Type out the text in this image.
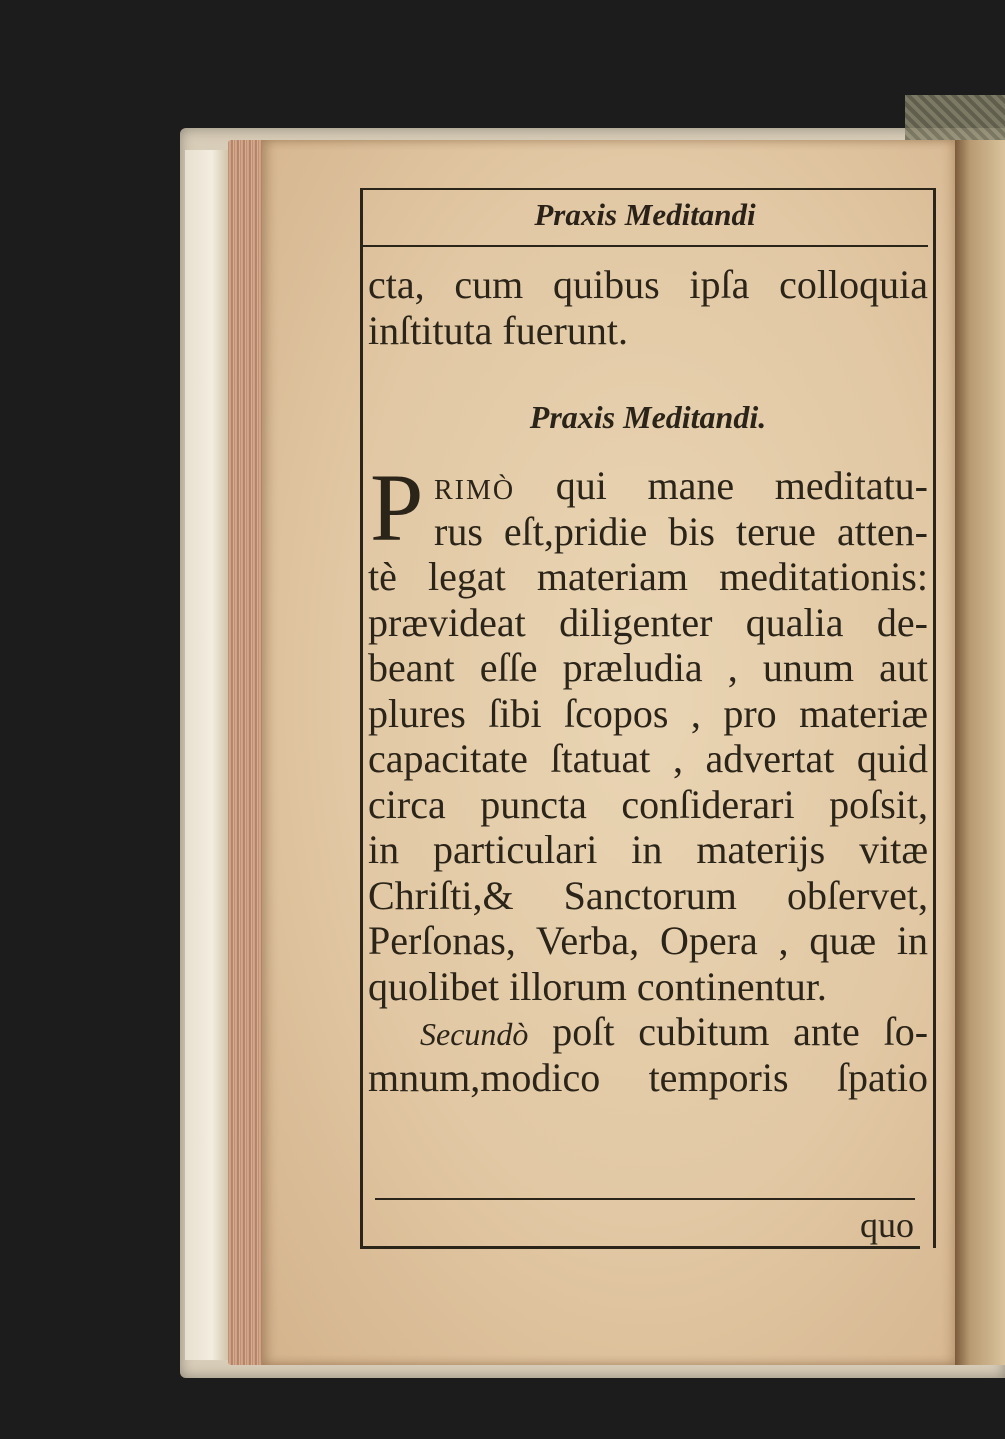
Praxis Meditandi
cta, cum quibus ipſa colloquia
inſtituta fuerunt.
Praxis Meditandi.
P rimò qui mane meditatu-
rus eſt,pridie bis terue atten-
tè legat materiam meditationis:
prævideat diligenter qualia de-
beant eſſe præludia , unum aut
plures ſibi ſcopos , pro materiæ
capacitate ſtatuat , advertat quid
circa puncta conſiderari poſsit,
in particulari in materijs vitæ
Chriſti,& Sanctorum obſervet,
Perſonas, Verba, Opera , quæ in
quolibet illorum continentur.
Secundò poſt cubitum ante ſo-
mnum,modico temporis ſpatio
quo
